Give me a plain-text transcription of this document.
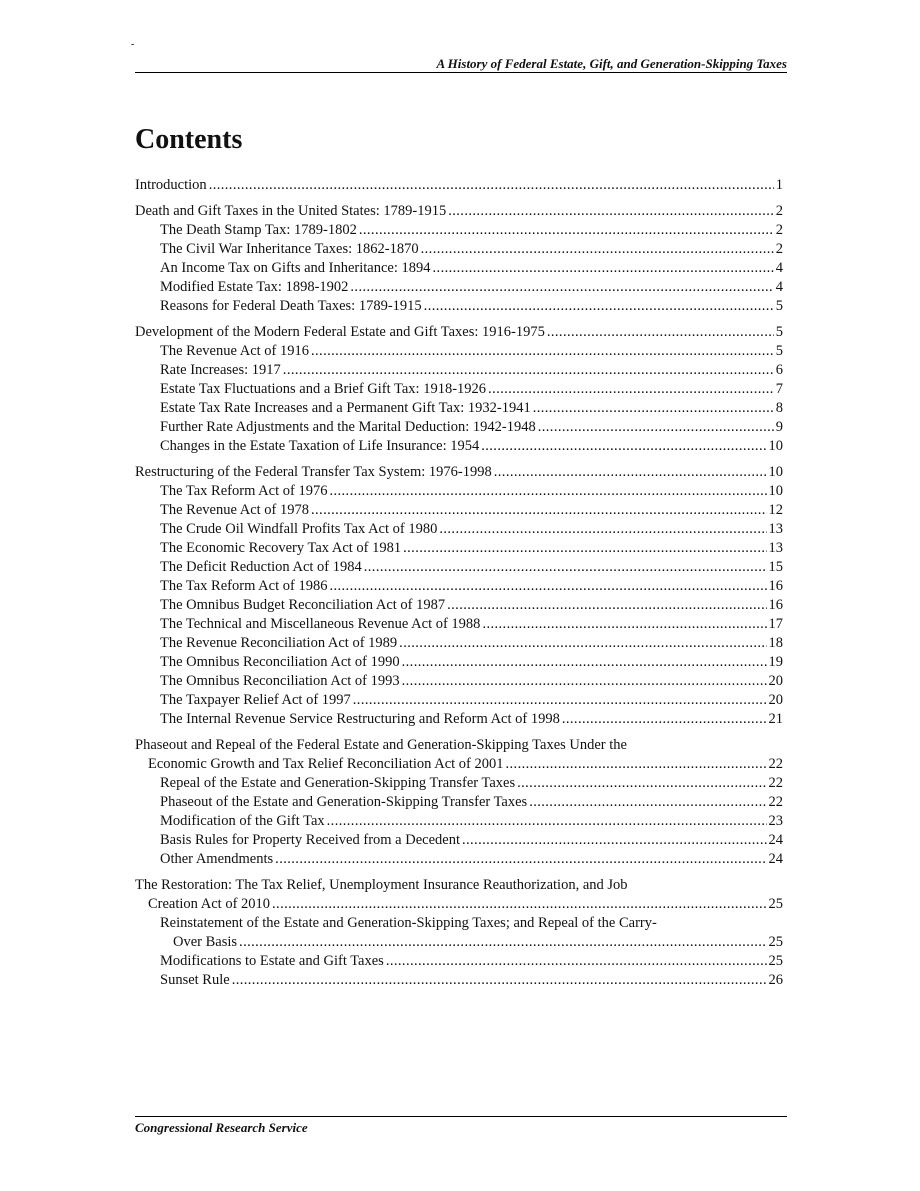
-
A History of Federal Estate, Gift, and Generation-Skipping Taxes
Contents
Introduction .....	1
Death and Gift Taxes in the United States: 1789-1915 .....	2
The Death Stamp Tax: 1789-1802 .....	2
The Civil War Inheritance Taxes: 1862-1870 .....	2
An Income Tax on Gifts and Inheritance: 1894 .....	4
Modified Estate Tax: 1898-1902 .....	4
Reasons for Federal Death Taxes: 1789-1915 .....	5
Development of the Modern Federal Estate and Gift Taxes: 1916-1975 .....	5
The Revenue Act of 1916 .....	5
Rate Increases: 1917 .....	6
Estate Tax Fluctuations and a Brief Gift Tax: 1918-1926 .....	7
Estate Tax Rate Increases and a Permanent Gift Tax: 1932-1941 .....	8
Further Rate Adjustments and the Marital Deduction: 1942-1948 .....	9
Changes in the Estate Taxation of Life Insurance: 1954 .....	10
Restructuring of the Federal Transfer Tax System: 1976-1998 .....	10
The Tax Reform Act of 1976 .....	10
The Revenue Act of 1978 .....	12
The Crude Oil Windfall Profits Tax Act of 1980 .....	13
The Economic Recovery Tax Act of 1981 .....	13
The Deficit Reduction Act of 1984 .....	15
The Tax Reform Act of 1986 .....	16
The Omnibus Budget Reconciliation Act of 1987 .....	16
The Technical and Miscellaneous Revenue Act of 1988 .....	17
The Revenue Reconciliation Act of 1989 .....	18
The Omnibus Reconciliation Act of 1990 .....	19
The Omnibus Reconciliation Act of 1993 .....	20
The Taxpayer Relief Act of 1997 .....	20
The Internal Revenue Service Restructuring and Reform Act of 1998 .....	21
Phaseout and Repeal of the Federal Estate and Generation-Skipping Taxes Under the
Economic Growth and Tax Relief Reconciliation Act of 2001 .....	22
Repeal of the Estate and Generation-Skipping Transfer Taxes .....	22
Phaseout of the Estate and Generation-Skipping Transfer Taxes .....	22
Modification of the Gift Tax .....	23
Basis Rules for Property Received from a Decedent .....	24
Other Amendments .....	24
The Restoration: The Tax Relief, Unemployment Insurance Reauthorization, and Job
Creation Act of 2010 .....	25
Reinstatement of the Estate and Generation-Skipping Taxes; and Repeal of the Carry-
Over Basis .....	25
Modifications to Estate and Gift Taxes .....	25
Sunset Rule .....	26
Congressional Research Service
